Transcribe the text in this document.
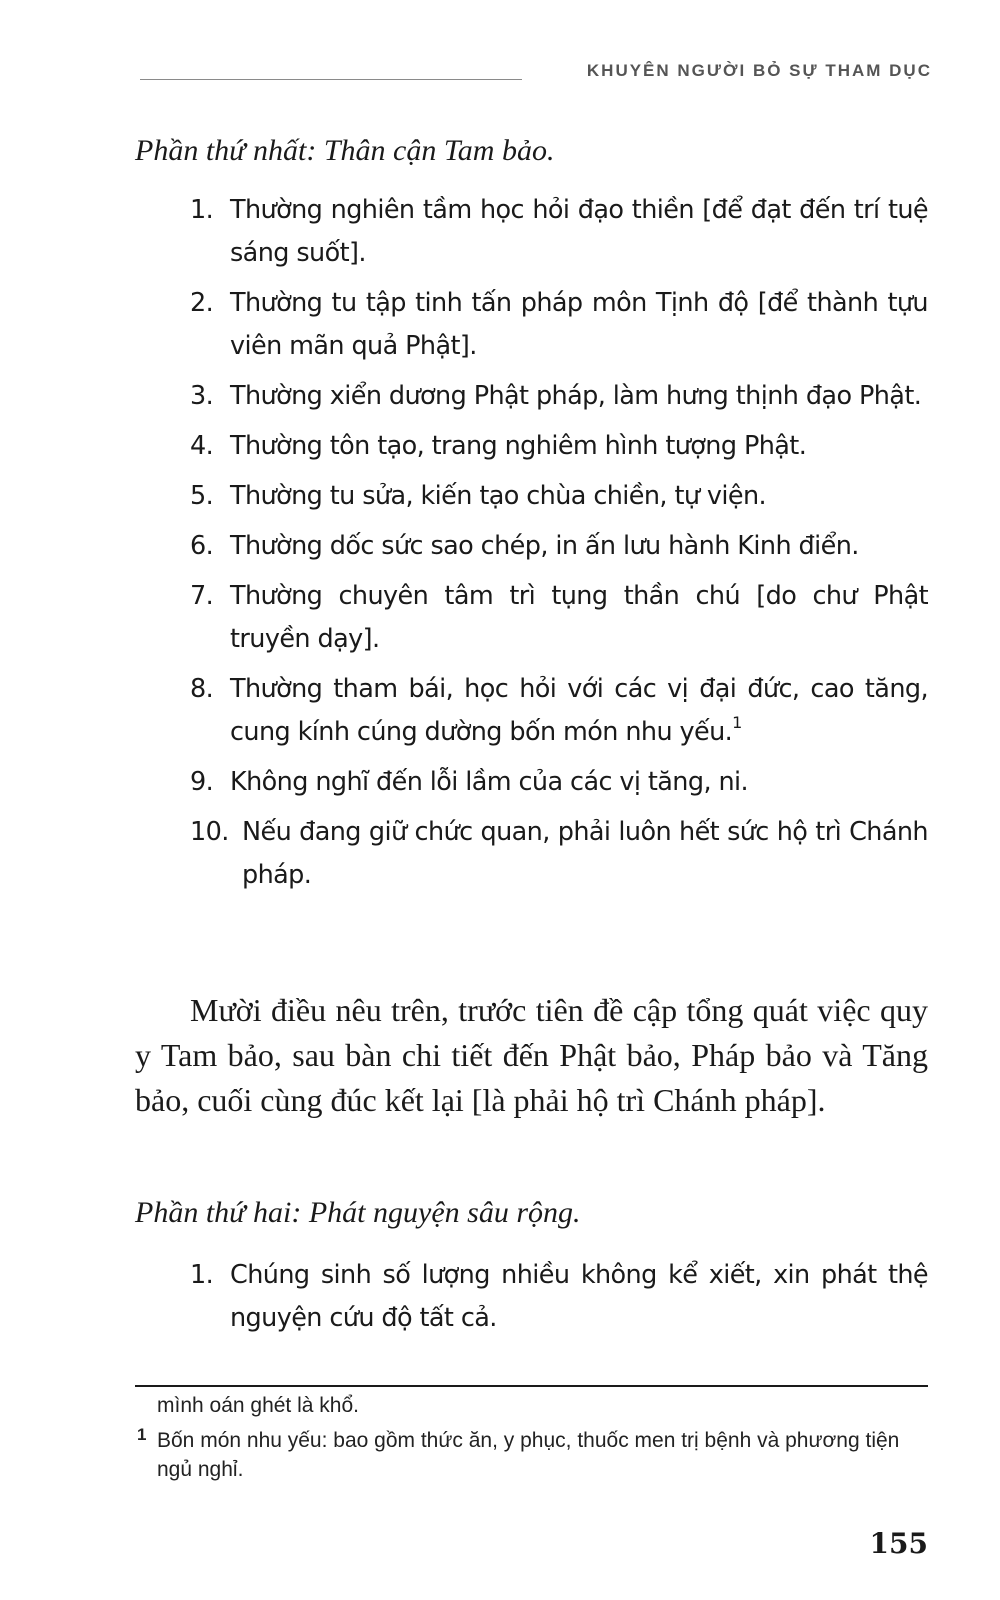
KHUYÊN NGƯỜI BỎ SỰ THAM DỤC
Phần thứ nhất: Thân cận Tam bảo.
1. Thường nghiên tầm học hỏi đạo thiền [để đạt đến trí tuệ sáng suốt].
2. Thường tu tập tinh tấn pháp môn Tịnh độ [để thành tựu viên mãn quả Phật].
3. Thường xiển dương Phật pháp, làm hưng thịnh đạo Phật.
4. Thường tôn tạo, trang nghiêm hình tượng Phật.
5. Thường tu sửa, kiến tạo chùa chiền, tự viện.
6. Thường dốc sức sao chép, in ấn lưu hành Kinh điển.
7. Thường chuyên tâm trì tụng thần chú [do chư Phật truyền dạy].
8. Thường tham bái, học hỏi với các vị đại đức, cao tăng, cung kính cúng dường bốn món nhu yếu.$^1$
9. Không nghĩ đến lỗi lầm của các vị tăng, ni.
10. Nếu đang giữ chức quan, phải luôn hết sức hộ trì Chánh pháp.

Mười điều nêu trên, trước tiên đề cập tổng quát việc quy y Tam bảo, sau bàn chi tiết đến Phật bảo, Pháp bảo và Tăng bảo, cuối cùng đúc kết lại [là phải hộ trì Chánh pháp].

Phần thứ hai: Phát nguyện sâu rộng.
1. Chúng sinh số lượng nhiều không kể xiết, xin phát thệ nguyện cứu độ tất cả.
mình oán ghét là khổ.
1 Bốn món nhu yếu: bao gồm thức ăn, y phục, thuốc men trị bệnh và phương tiện ngủ nghỉ.
155
